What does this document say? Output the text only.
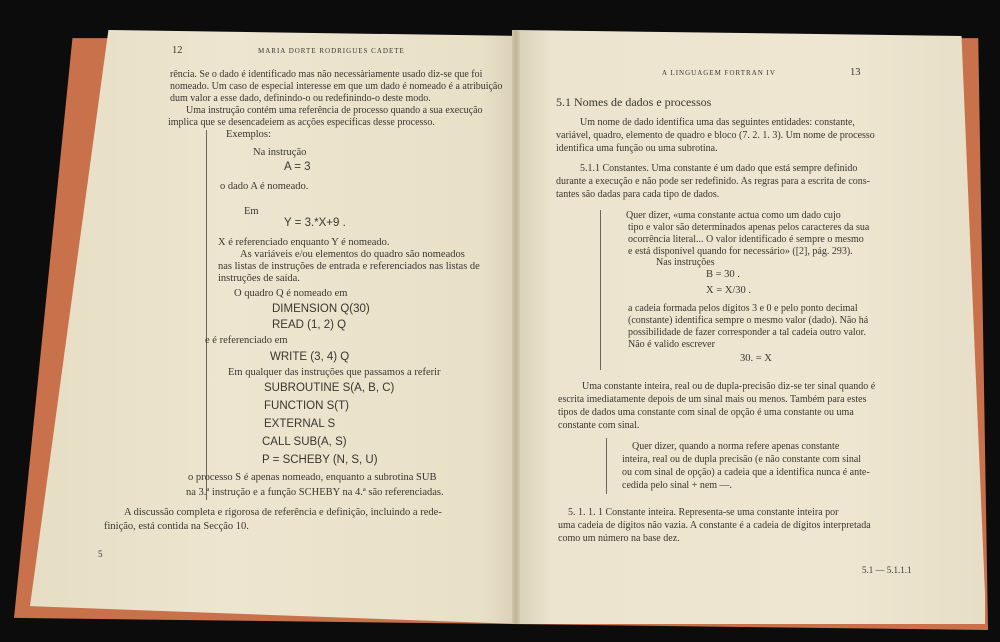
12	MARIA DORTE RODRIGUES CADETE
rência. Se o dado é identificado mas não necessàriamente usado diz-se que foi
nomeado. Um caso de especial interesse em que um dado é nomeado é a atribuição
dum valor a esse dado, definindo-o ou redefinindo-o deste modo.
Uma instrução contém uma referência de processo quando a sua execução
implica que se desencadeiem as acções específicas desse processo.
Exemplos:
Na instrução
A = 3
o dado A é nomeado.
Em
Y = 3.*X+9 .
X é referenciado enquanto Y é nomeado.
As variáveis e/ou elementos do quadro são nomeados
nas listas de instruções de entrada e referenciados nas listas de
instruções de saída.
O quadro Q é nomeado em
DIMENSION Q(30)
READ (1, 2) Q
e é referenciado em
WRITE (3, 4) Q
Em qualquer das instruções que passamos a referir
SUBROUTINE S(A, B, C)
FUNCTION S(T)
EXTERNAL S
CALL SUB(A, S)
P = SCHEBY (N, S, U)
o processo S é apenas nomeado, enquanto a subrotina SUB
na 3.ª instrução e a função SCHEBY na 4.ª são referenciadas.
A discussão completa e rigorosa de referência e definição, incluindo a rede-
finição, está contida na Secção 10.
5
A LINGUAGEM FORTRAN IV	13
5.1 Nomes de dados e processos
Um nome de dado identifica uma das seguintes entidades: constante,
variável, quadro, elemento de quadro e bloco (7. 2. 1. 3). Um nome de processo
identifica uma função ou uma subrotina.
5.1.1 Constantes. Uma constante é um dado que está sempre definido
durante a execução e não pode ser redefinido. As regras para a escrita de cons-
tantes são dadas para cada tipo de dados.
Quer dizer, «uma constante actua como um dado cujo
tipo e valor são determinados apenas pelos caracteres da sua
ocorrência literal... O valor identificado é sempre o mesmo
e está disponível quando for necessário» ([2], pág. 293).
Nas instruções
B = 30 .
X = X/30 .
a cadeia formada pelos dígitos 3 e 0 e pelo ponto decimal
(constante) identifica sempre o mesmo valor (dado). Não há
possibilidade de fazer corresponder a tal cadeia outro valor.
Não é valido escrever
30. = X
Uma constante inteira, real ou de dupla-precisão diz-se ter sinal quando é
escrita imediatamente depois de um sinal mais ou menos. Também para estes
tipos de dados uma constante com sinal de opção é uma constante ou uma
constante com sinal.
Quer dizer, quando a norma refere apenas constante
inteira, real ou de dupla precisão (e não constante com sinal
ou com sinal de opção) a cadeia que a identifica nunca é ante-
cedida pelo sinal + nem —.
5. 1. 1. 1 Constante inteira. Representa-se uma constante inteira por
uma cadeia de dígitos não vazia. A constante é a cadeia de dígitos interpretada
como um número na base dez.
5.1 — 5.1.1.1
